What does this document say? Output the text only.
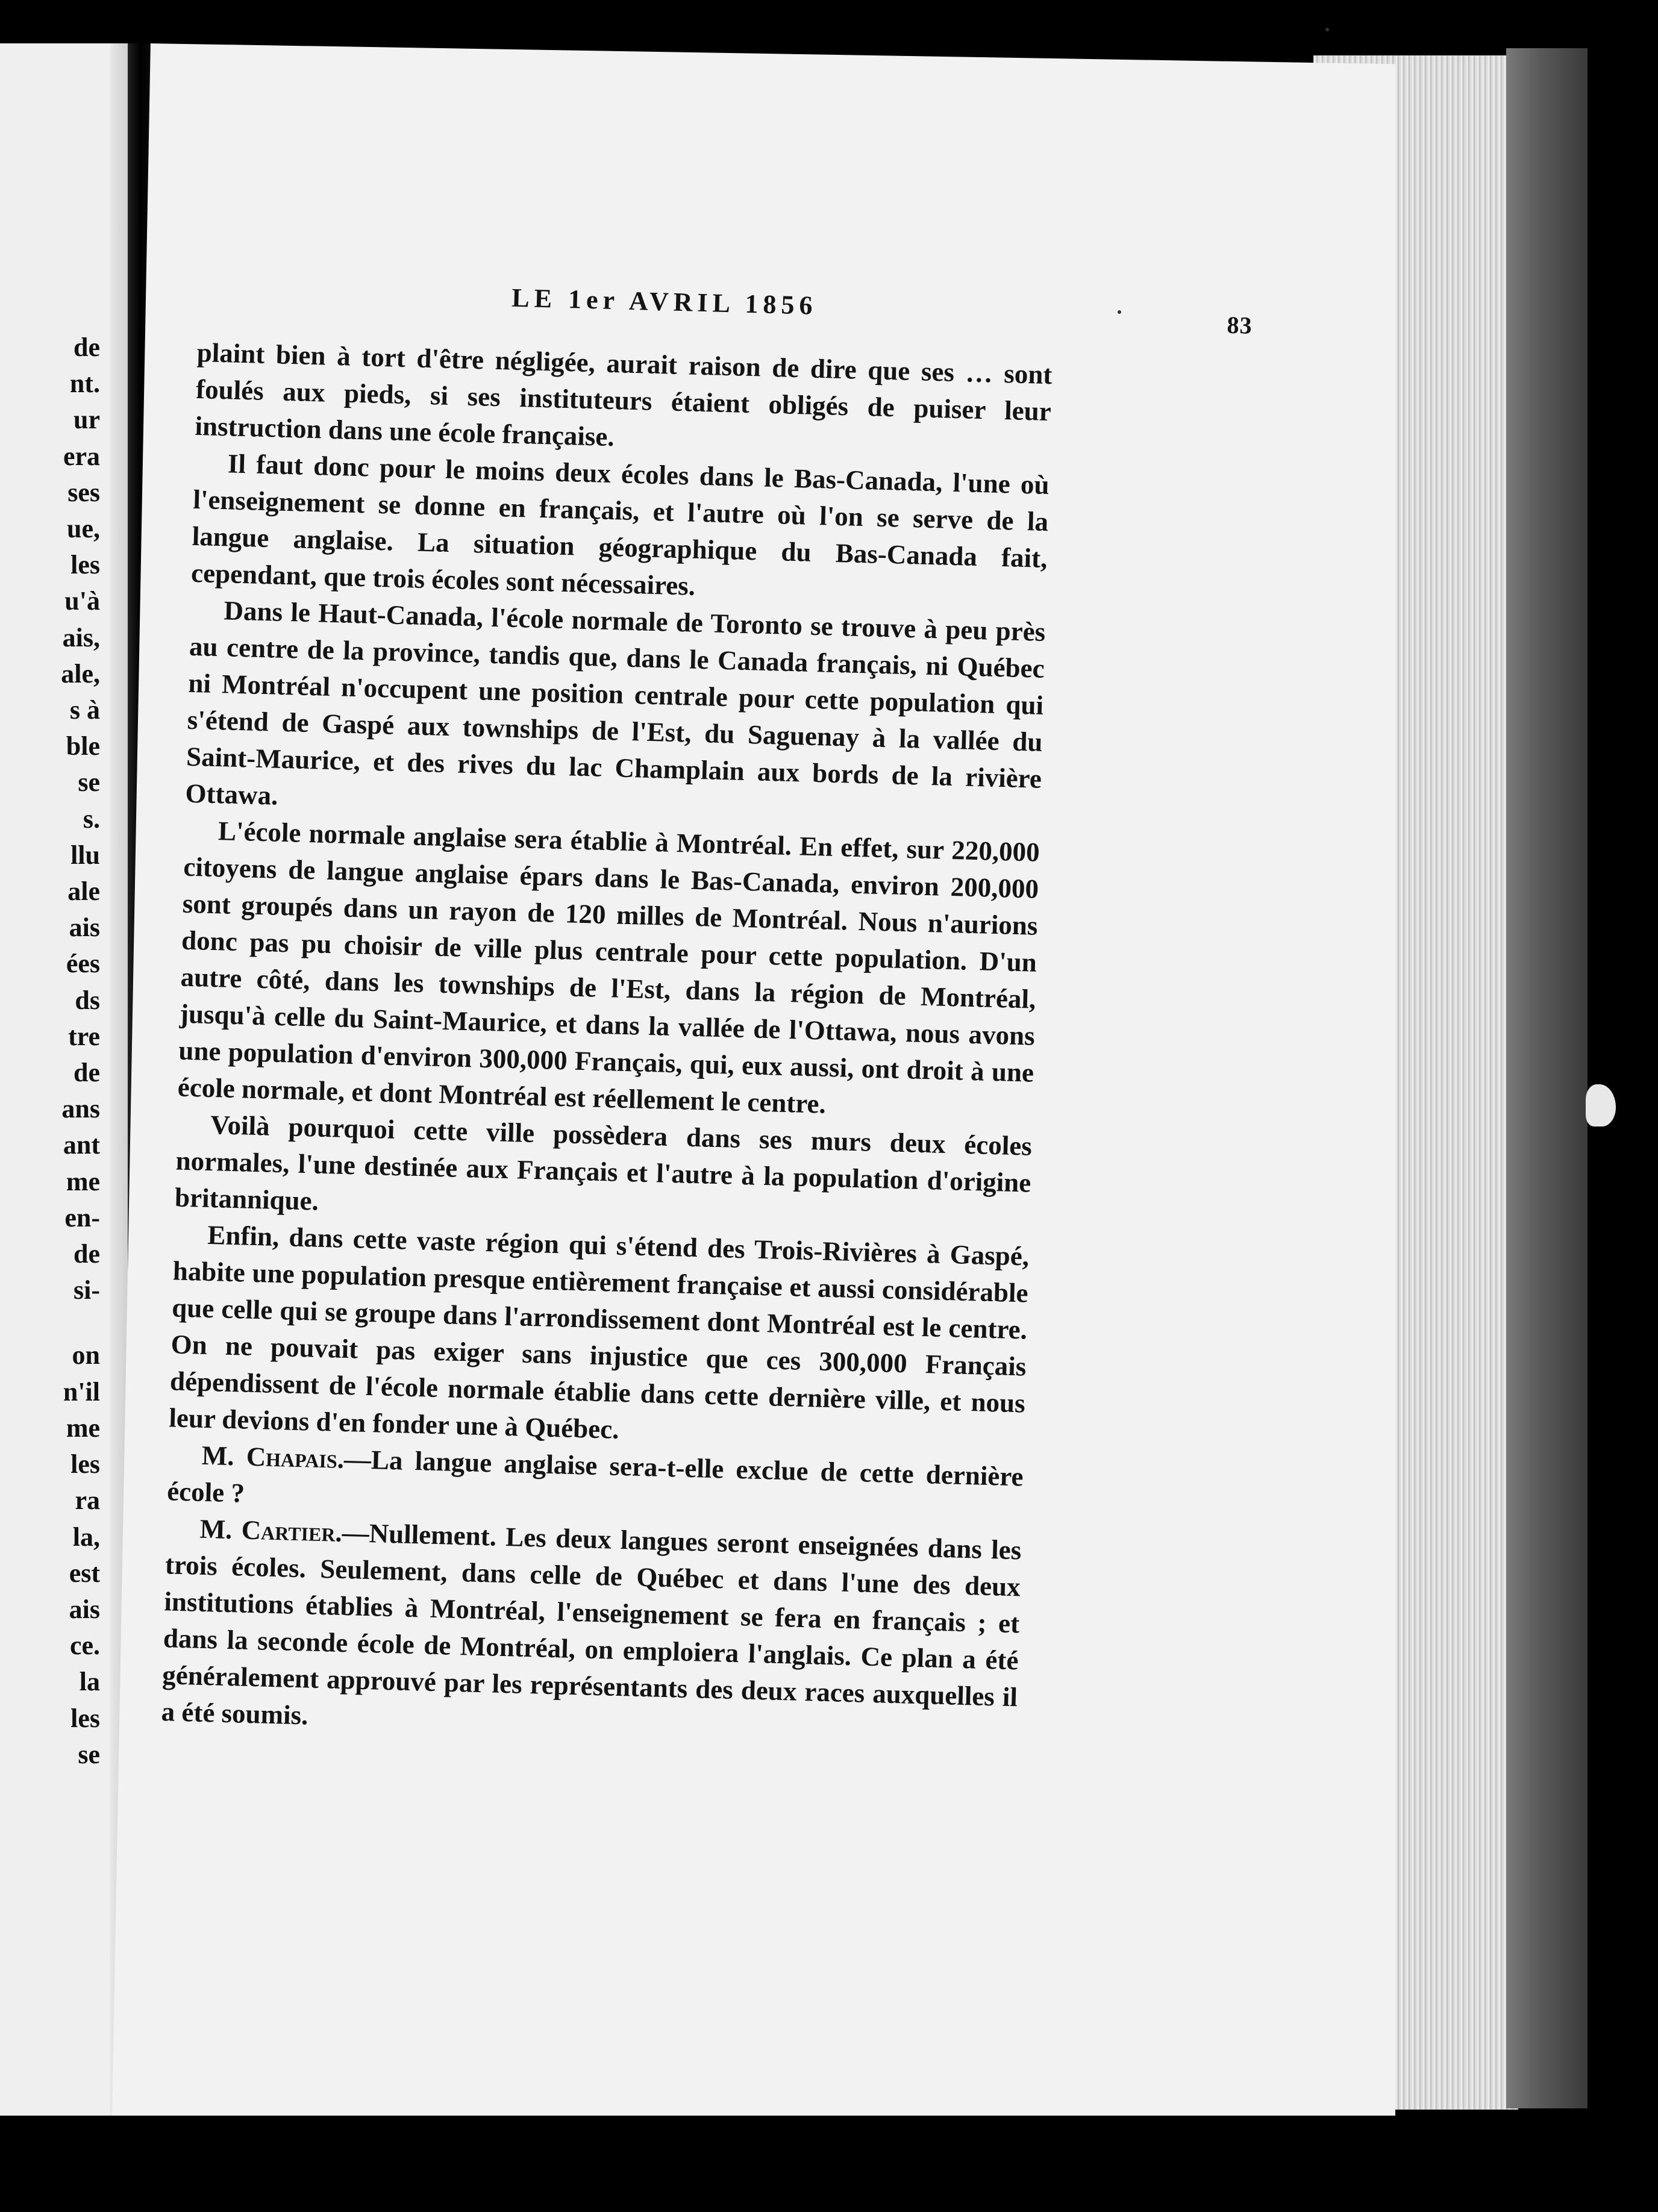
de
nt.
ur
era
ses
ue,
les
u'à
ais,
ale,
s à
ble
se
s.
llu
ale
ais
ées
ds
tre
de
ans
ant
me
en-
de
si-
on
n'il
me
les
ra
la,
est
ais
ce.
la
les
se
LE 1er AVRIL 1856
83

plaint bien à tort d'être négligée, aurait raison de dire que ses … sont foulés aux pieds, si ses instituteurs étaient obligés de puiser leur instruction dans une école française.

Il faut donc pour le moins deux écoles dans le Bas-Canada, l'une où l'enseignement se donne en français, et l'autre où l'on se serve de la langue anglaise. La situation géographique du Bas-Canada fait, cependant, que trois écoles sont nécessaires.

Dans le Haut-Canada, l'école normale de Toronto se trouve à peu près au centre de la province, tandis que, dans le Canada français, ni Québec ni Montréal n'occupent une position centrale pour cette population qui s'étend de Gaspé aux townships de l'Est, du Saguenay à la vallée du Saint-Maurice, et des rives du lac Champlain aux bords de la rivière Ottawa.

L'école normale anglaise sera établie à Montréal. En effet, sur 220,000 citoyens de langue anglaise épars dans le Bas-Canada, environ 200,000 sont groupés dans un rayon de 120 milles de Montréal. Nous n'aurions donc pas pu choisir de ville plus centrale pour cette population. D'un autre côté, dans les townships de l'Est, dans la région de Montréal, jusqu'à celle du Saint-Maurice, et dans la vallée de l'Ottawa, nous avons une population d'environ 300,000 Français, qui, eux aussi, ont droit à une école normale, et dont Montréal est réellement le centre.

Voilà pourquoi cette ville possèdera dans ses murs deux écoles normales, l'une destinée aux Français et l'autre à la population d'origine britannique.

Enfin, dans cette vaste région qui s'étend des Trois-Rivières à Gaspé, habite une population presque entièrement française et aussi considérable que celle qui se groupe dans l'arrondissement dont Montréal est le centre. On ne pouvait pas exiger sans injustice que ces 300,000 Français dépendissent de l'école normale établie dans cette dernière ville, et nous leur devions d'en fonder une à Québec.

M. Chapais.—La langue anglaise sera-t-elle exclue de cette dernière école ?

M. Cartier.—Nullement. Les deux langues seront enseignées dans les trois écoles. Seulement, dans celle de Québec et dans l'une des deux institutions établies à Montréal, l'enseignement se fera en français ; et dans la seconde école de Montréal, on emploiera l'anglais. Ce plan a été généralement approuvé par les représentants des deux races auxquelles il a été soumis.
